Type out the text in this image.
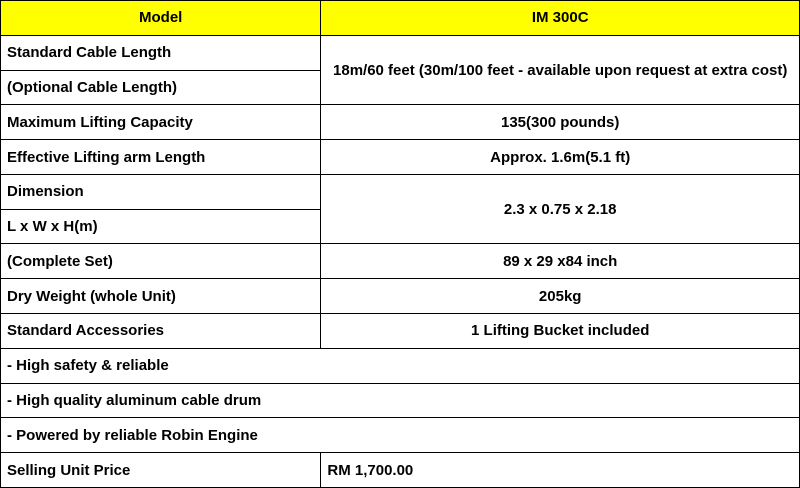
Model	IM 300C
Standard Cable Length	18m/60 feet (30m/100 feet - available upon request at extra cost)
(Optional Cable Length)	
Maximum Lifting Capacity	135(300 pounds)
Effective Lifting arm Length	Approx. 1.6m(5.1 ft)
Dimension	2.3 x 0.75 x 2.18
L x W x H(m)	
(Complete Set)	89 x 29 x84 inch
Dry Weight (whole Unit)	205kg
Standard Accessories	1 Lifting Bucket included
- High safety & reliable	
- High quality aluminum cable drum	
- Powered by reliable Robin Engine	
Selling Unit Price	RM 1,700.00
